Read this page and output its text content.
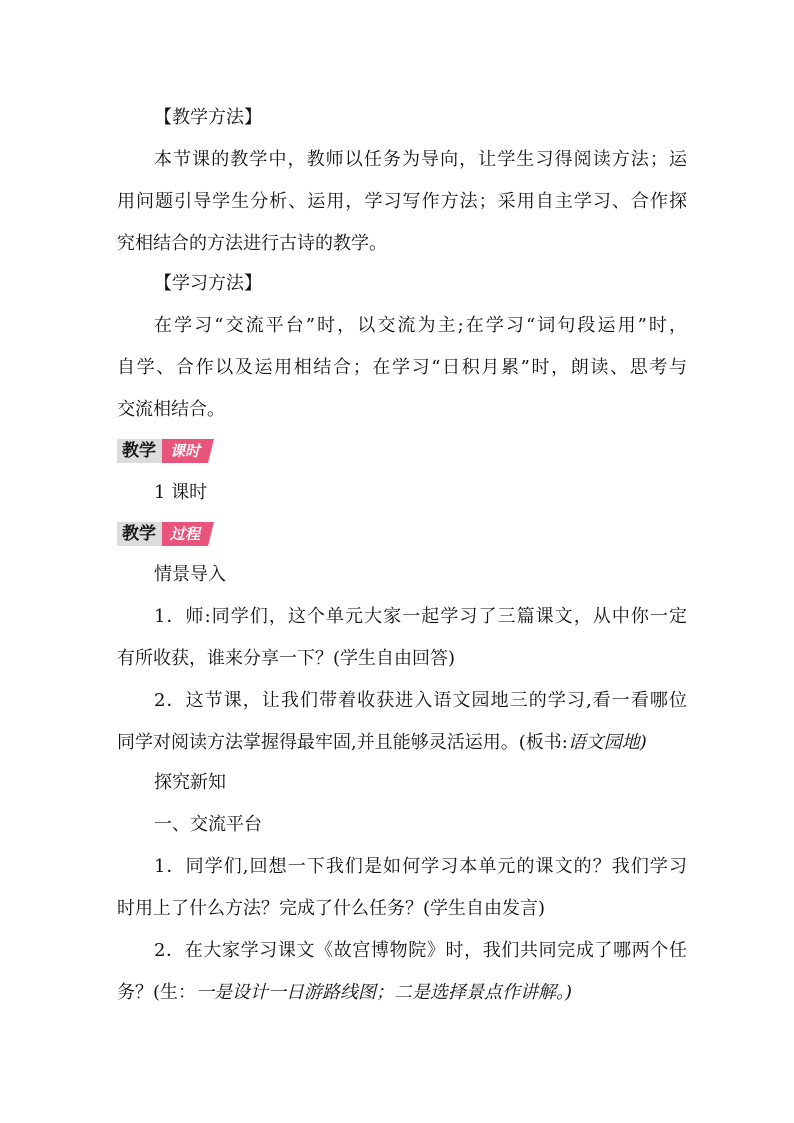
【教学方法】
本节课的教学中，教师以任务为导向，让学生习得阅读方法；运
用问题引导学生分析、运用，学习写作方法；采用自主学习、合作探
究相结合的方法进行古诗的教学。
【学习方法】
在学习“交流平台”时，以交流为主;在学习“词句段运用”时，
自学、合作以及运用相结合；在学习“日积月累”时，朗读、思考与
交流相结合。
教学 课时
1 课时
教学 过程
情景导入
1．师:同学们，这个单元大家一起学习了三篇课文，从中你一定
有所收获，谁来分享一下？(学生自由回答)
2．这节课，让我们带着收获进入语文园地三的学习,看一看哪位
同学对阅读方法掌握得最牢固,并且能够灵活运用。(板书:语文园地)
探究新知
一、交流平台
1．同学们,回想一下我们是如何学习本单元的课文的？我们学习
时用上了什么方法？完成了什么任务？(学生自由发言)
2．在大家学习课文《故宫博物院》时，我们共同完成了哪两个任
务？(生：一是设计一日游路线图；二是选择景点作讲解。)
